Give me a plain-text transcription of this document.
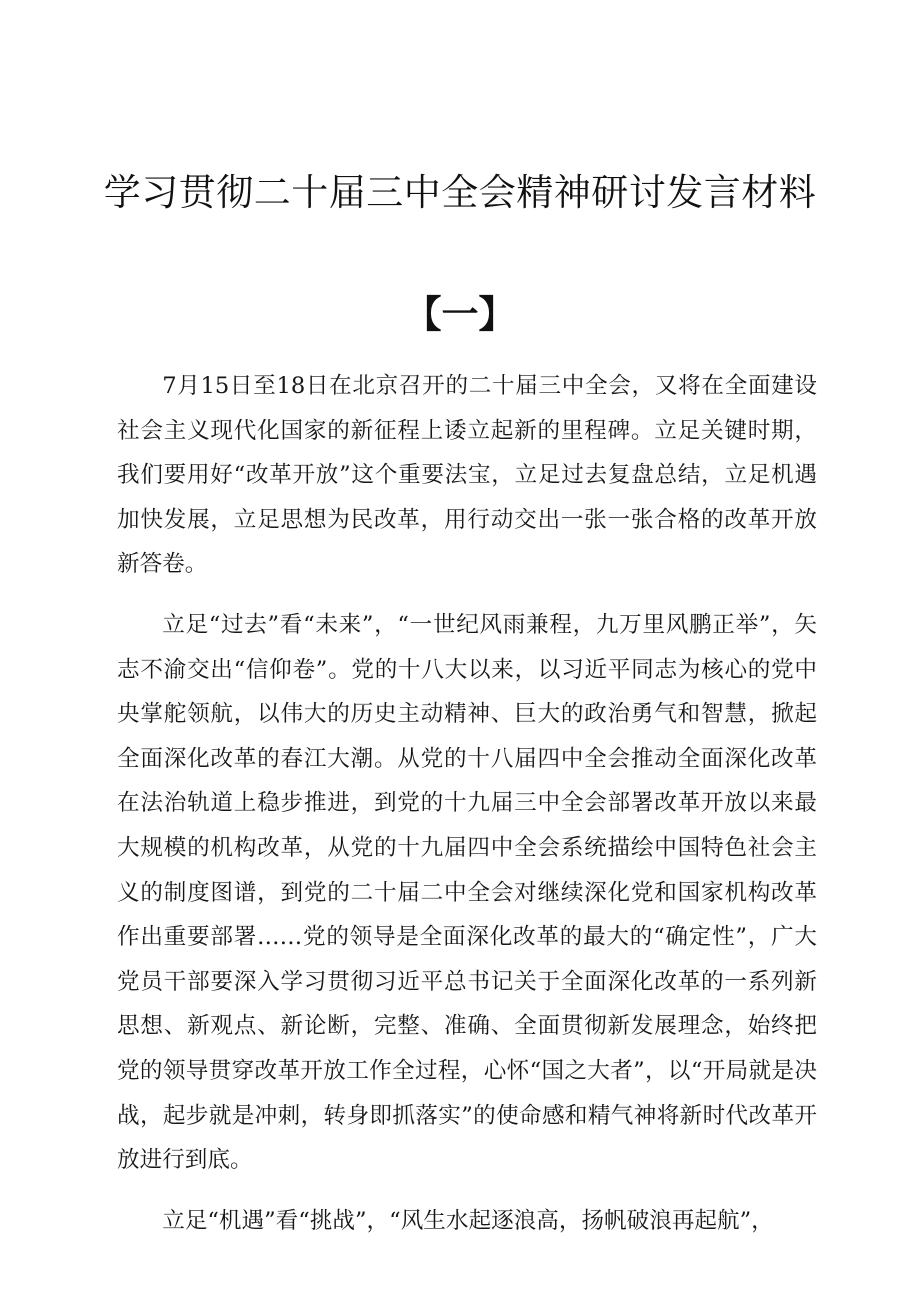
学习贯彻二十届三中全会精神研讨发言材料
【一】

7月15日至18日在北京召开的二十届三中全会，又将在全面建设社会主义现代化国家的新征程上诿立起新的里程碑。立足关键时期，我们要用好“改革开放”这个重要法宝，立足过去复盘总结，立足机遇加快发展，立足思想为民改革，用行动交出一张一张合格的改革开放新答卷。

立足“过去”看“未来”，“一世纪风雨兼程，九万里风鹏正举”，矢志不渝交出“信仰卷”。党的十八大以来，以习近平同志为核心的党中央掌舵领航，以伟大的历史主动精神、巨大的政治勇气和智慧，掀起全面深化改革的春江大潮。从党的十八届四中全会推动全面深化改革在法治轨道上稳步推进，到党的十九届三中全会部署改革开放以来最大规模的机构改革，从党的十九届四中全会系统描绘中国特色社会主义的制度图谱，到党的二十届二中全会对继续深化党和国家机构改革作出重要部署……党的领导是全面深化改革的最大的“确定性”，广大党员干部要深入学习贯彻习近平总书记关于全面深化改革的一系列新思想、新观点、新论断，完整、准确、全面贯彻新发展理念，始终把党的领导贯穿改革开放工作全过程，心怀“国之大者”，以“开局就是决战，起步就是冲刺，转身即抓落实”的使命感和精气神将新时代改革开放进行到底。

立足“机遇”看“挑战”，“风生水起逐浪高，扬帆破浪再起航”，
